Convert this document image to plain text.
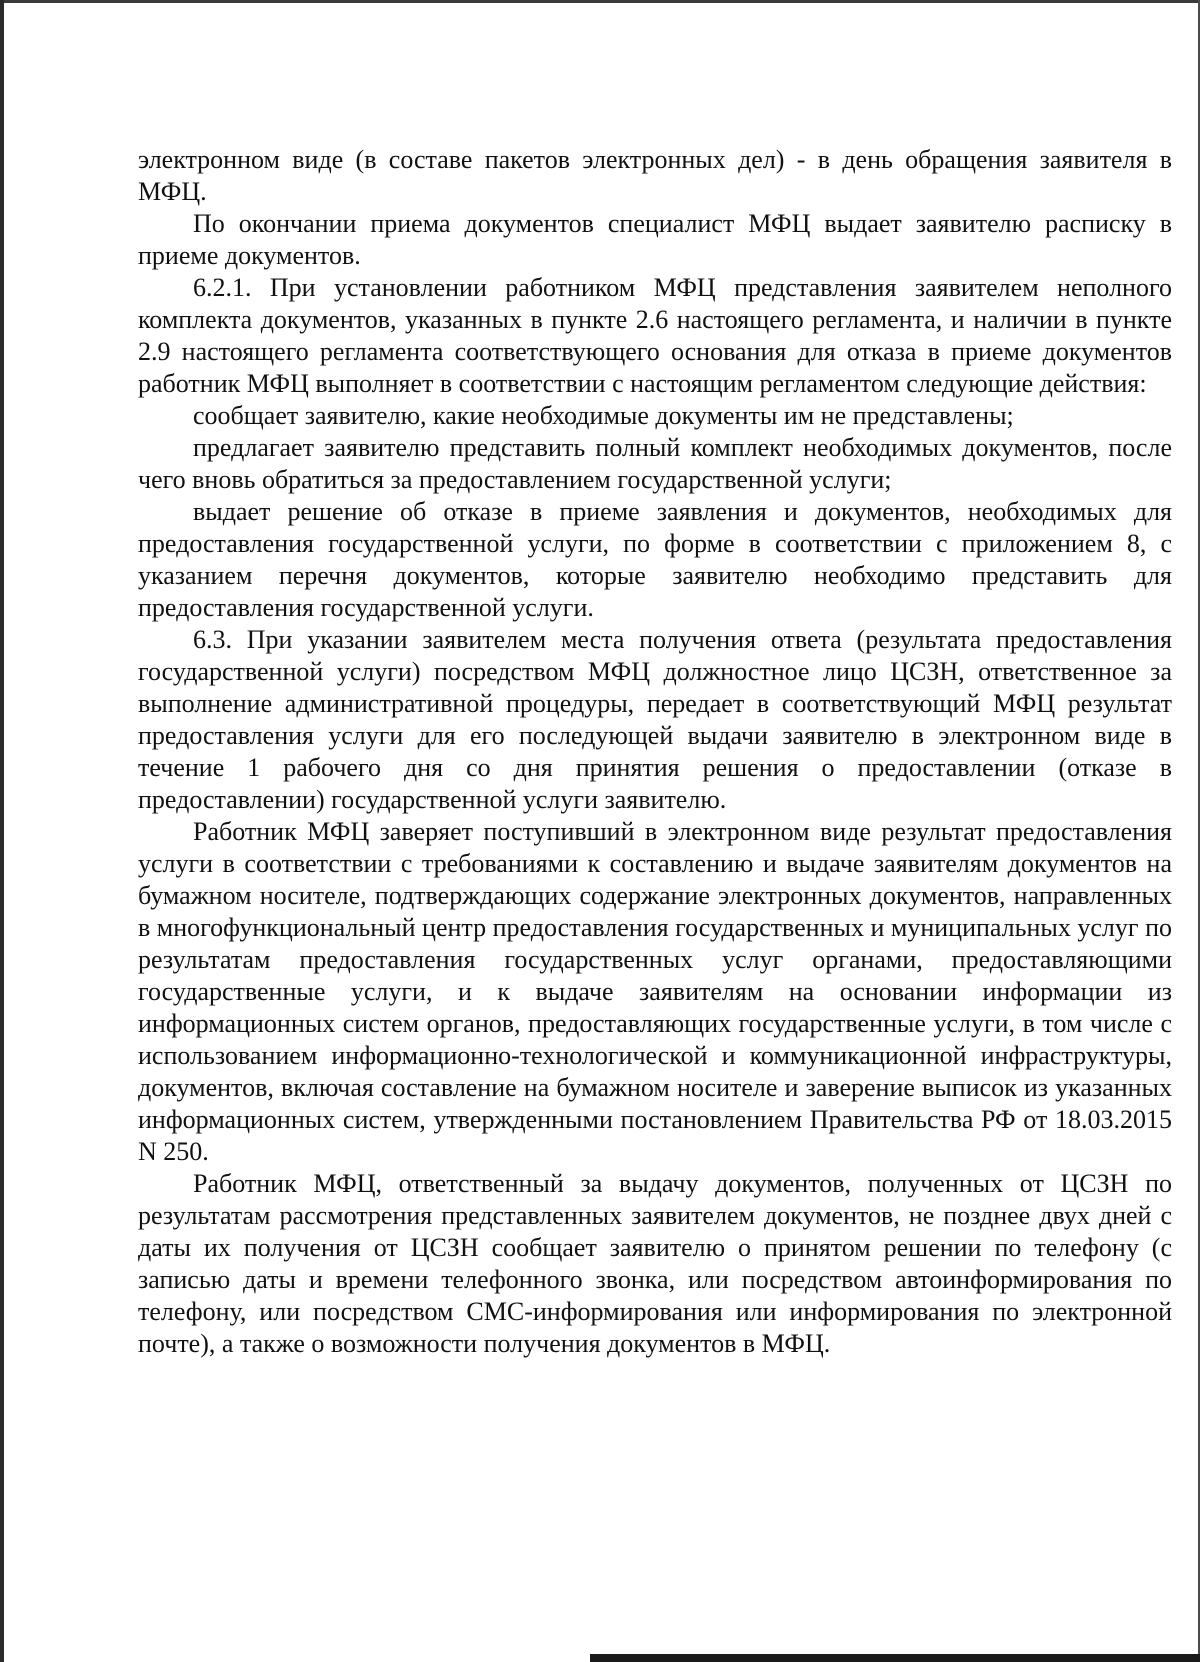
электронном виде (в составе пакетов электронных дел) - в день обращения заявителя в МФЦ.

По окончании приема документов специалист МФЦ выдает заявителю расписку в приеме документов.

6.2.1. При установлении работником МФЦ представления заявителем неполного комплекта документов, указанных в пункте 2.6 настоящего регламента, и наличии в пункте 2.9 настоящего регламента соответствующего основания для отказа в приеме документов работник МФЦ выполняет в соответствии с настоящим регламентом следующие действия:

сообщает заявителю, какие необходимые документы им не представлены;

предлагает заявителю представить полный комплект необходимых документов, после чего вновь обратиться за предоставлением государственной услуги;

выдает решение об отказе в приеме заявления и документов, необходимых для предоставления государственной услуги, по форме в соответствии с приложением 8, с указанием перечня документов, которые заявителю необходимо представить для предоставления государственной услуги.

6.3. При указании заявителем места получения ответа (результата предоставления государственной услуги) посредством МФЦ должностное лицо ЦСЗН, ответственное за выполнение административной процедуры, передает в соответствующий МФЦ результат предоставления услуги для его последующей выдачи заявителю в электронном виде в течение 1 рабочего дня со дня принятия решения о предоставлении (отказе в предоставлении) государственной услуги заявителю.

Работник МФЦ заверяет поступивший в электронном виде результат предоставления услуги в соответствии с требованиями к составлению и выдаче заявителям документов на бумажном носителе, подтверждающих содержание электронных документов, направленных в многофункциональный центр предоставления государственных и муниципальных услуг по результатам предоставления государственных услуг органами, предоставляющими государственные услуги, и к выдаче заявителям на основании информации из информационных систем органов, предоставляющих государственные услуги, в том числе с использованием информационно-технологической и коммуникационной инфраструктуры, документов, включая составление на бумажном носителе и заверение выписок из указанных информационных систем, утвержденными постановлением Правительства РФ от 18.03.2015 N 250.

Работник МФЦ, ответственный за выдачу документов, полученных от ЦСЗН по результатам рассмотрения представленных заявителем документов, не позднее двух дней с даты их получения от ЦСЗН сообщает заявителю о принятом решении по телефону (с записью даты и времени телефонного звонка, или посредством автоинформирования по телефону, или посредством СМС-информирования или информирования по электронной почте), а также о возможности получения документов в МФЦ.
